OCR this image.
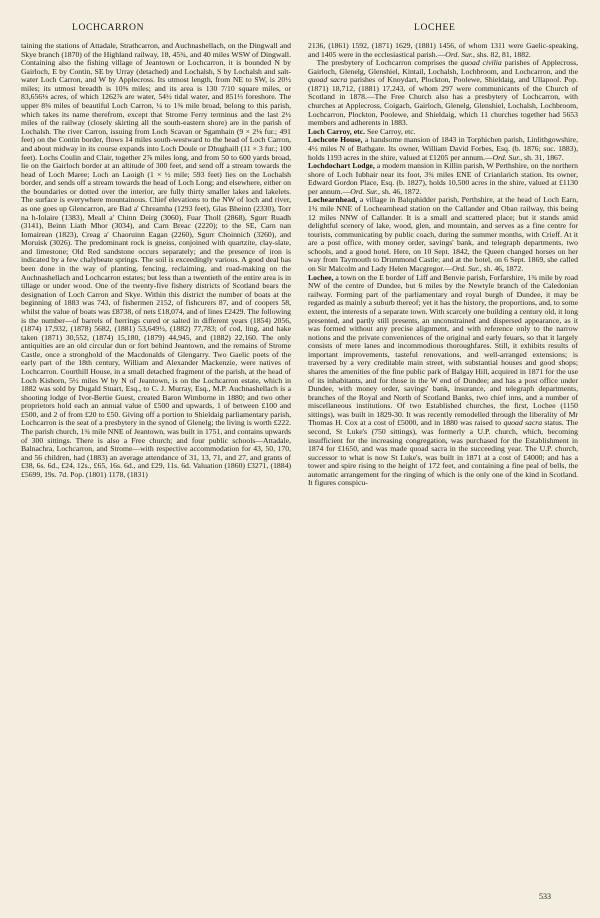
LOCHCARRON	LOCHEE

taining the stations of Attadale, Strathcarron, and Auchnashellach, on the Dingwall and Skye branch (1870) of the Highland railway, 18, 45¾, and 40 miles WSW of Dingwall. Containing also the fishing village of Jeantown or Lochcarron, it is bounded N by Gairloch, E by Contin, SE by Urray (detached) and Lochalsh, S by Lochalsh and salt-water Loch Carron, and W by Applecross. Its utmost length, from NE to SW, is 20½ miles; its utmost breadth is 10⅜ miles; and its area is 130 7/10 square miles, or 83,656⅛ acres, of which 1262⅞ are water, 54½ tidal water, and 851⅓ foreshore. The upper 8⅜ miles of beautiful Loch Carron, ¼ to 1⅜ mile broad, belong to this parish, which takes its name therefrom, except that Strome Ferry terminus and the last 2½ miles of the railway (closely skirting all the south-eastern shore) are in the parish of Lochalsh. The river Carron, issuing from Loch Scavan or Sgamhain (9 × 2⅛ fur.; 491 feet) on the Contin border, flows 14 miles south-westward to the head of Loch Carron, and about midway in its course expands into Loch Doule or Dhughaill (11 × 3 fur.; 100 feet). Lochs Coulin and Clair, together 2⅞ miles long, and from 50 to 600 yards broad, lie on the Gairloch border at an altitude of 300 feet, and send off a stream towards the head of Loch Maree; Loch an Laoigh (1 × ½ mile; 593 feet) lies on the Lochalsh border, and sends off a stream towards the head of Loch Long; and elsewhere, either on the boundaries or dotted over the interior, are fully thirty smaller lakes and lakelets. The surface is everywhere mountainous. Chief elevations to the NW of loch and river, as one goes up Glencarron, are Bad a' Chreamha (1293 feet), Glas Bheinn (2330), Torr na h-Iolaire (1383), Meall a' Chinn Deirg (3060), Fuar Tholl (2868), Sgurr Ruadh (3141), Beinn Liath Mhor (3034), and Carn Breac (2220); to the SE, Carn nan Iomairean (1823), Creag a' Chaoruinn Eagan (2260), Sgurr Choinnich (3260), and Moruisk (3026). The predominant rock is gneiss, conjoined with quartzite, clay-slate, and limestone; Old Red sandstone occurs separately; and the presence of iron is indicated by a few chalybeate springs. The soil is exceedingly various. A good deal has been done in the way of planting, fencing, reclaiming, and road-making on the Auchnashellach and Lochcarron estates; but less than a twentieth of the entire area is in tillage or under wood. One of the twenty-five fishery districts of Scotland bears the designation of Loch Carron and Skye. Within this district the number of boats at the beginning of 1883 was 743, of fishermen 2152, of fishcurers 87, and of coopers 58, whilst the value of boats was £8738, of nets £18,074, and of lines £2429. The following is the number—of barrels of herrings cured or salted in different years (1854) 2056, (1874) 17,932, (1878) 5682, (1881) 53,649½, (1882) 77,783; of cod, ling, and hake taken (1871) 30,552, (1874) 15,180, (1879) 44,945, and (1882) 22,160. The only antiquities are an old circular dun or fort behind Jeantown, and the remains of Strome Castle, once a stronghold of the Macdonalds of Glengarry. Two Gaelic poets of the early part of the 18th century, William and Alexander Mackenzie, were natives of Lochcarron. Courthill House, in a small detached fragment of the parish, at the head of Loch Kishorn, 5½ miles W by N of Jeantown, is on the Lochcarron estate, which in 1882 was sold by Dugald Stuart, Esq., to C. J. Murray, Esq., M.P. Auchnashellach is a shooting lodge of Ivor-Bertie Guest, created Baron Wimborne in 1880; and two other proprietors hold each an annual value of £500 and upwards, 1 of between £100 and £500, and 2 of from £20 to £50. Giving off a portion to Shieldaig parliamentary parish, Lochcarron is the seat of a presbytery in the synod of Glenelg; the living is worth £222. The parish church, 1¾ mile NNE of Jeantown, was built in 1751, and contains upwards of 300 sittings. There is also a Free church; and four public schools—Attadale, Balnachra, Lochcarron, and Strome—with respective accommodation for 43, 50, 170, and 56 children, had (1883) an average attendance of 31, 13, 71, and 27, and grants of £38, 6s. 6d., £24, 12s., £65, 16s. 6d., and £29, 11s. 6d. Valuation (1860) £3271, (1884) £5699, 19s. 7d. Pop. (1801) 1178, (1831)

2136, (1861) 1592, (1871) 1629, (1881) 1456, of whom 1311 were Gaelic-speaking, and 1405 were in the ecclesiastical parish.—Ord. Sur., shs. 82, 81, 1882.

The presbytery of Lochcarron comprises the quoad civilia parishes of Applecross, Gairloch, Glenelg, Glenshiel, Kintail, Lochalsh, Lochbroom, and Lochcarron, and the quoad sacra parishes of Knoydart, Plockton, Poolewe, Shieldaig, and Ullapool. Pop. (1871) 18,712, (1881) 17,243, of whom 297 were communicants of the Church of Scotland in 1878.—The Free Church also has a presbytery of Lochcarron, with churches at Applecross, Coigach, Gairloch, Glenelg, Glenshiel, Lochalsh, Lochbroom, Lochcarron, Plockton, Poolewe, and Shieldaig, which 11 churches together had 5653 members and adherents in 1883.

Loch Carroy, etc. See Carroy, etc.

Lochcote House, a handsome mansion of 1843 in Torphichen parish, Linlithgowshire, 4½ miles N of Bathgate. Its owner, William David Forbes, Esq. (b. 1876; suc. 1883), holds 1193 acres in the shire, valued at £1205 per annum.—Ord. Sur., sh. 31, 1867.

Lochdochart Lodge, a modern mansion in Killin parish, W Perthshire, on the northern shore of Loch Iubhair near its foot, 3¾ miles ENE of Crianlarich station. Its owner, Edward Gordon Place, Esq. (b. 1827), holds 10,500 acres in the shire, valued at £1130 per annum.—Ord. Sur., sh. 46, 1872.

Lochearnhead, a village in Balquhidder parish, Perthshire, at the head of Loch Earn, 1¾ mile NNE of Lochearnhead station on the Callander and Oban railway, this being 12 miles NNW of Callander. It is a small and scattered place; but it stands amid delightful scenery of lake, wood, glen, and mountain, and serves as a fine centre for tourists, communicating by public coach, during the summer months, with Crieff. At it are a post office, with money order, savings' bank, and telegraph departments, two schools, and a good hotel. Here, on 10 Sept. 1842, the Queen changed horses on her way from Taymouth to Drummond Castle; and at the hotel, on 6 Sept. 1869, she called on Sir Malcolm and Lady Helen Macgregor.—Ord. Sur., sh. 46, 1872.

Lochee, a town on the E border of Liff and Benvie parish, Forfarshire, 1¾ mile by road NW of the centre of Dundee, but 6 miles by the Newtyle branch of the Caledonian railway. Forming part of the parliamentary and royal burgh of Dundee, it may be regarded as mainly a suburb thereof; yet it has the history, the proportions, and, to some extent, the interests of a separate town. With scarcely one building a century old, it long presented, and partly still presents, an unconstrained and dispersed appearance, as it was formed without any precise alignment, and with reference only to the narrow notions and the private conveniences of the original and early feuars, so that it largely consists of mere lanes and incommodious thoroughfares. Still, it exhibits results of important improvements, tasteful renovations, and well-arranged extensions; is traversed by a very creditable main street, with substantial houses and good shops; shares the amenities of the fine public park of Balgay Hill, acquired in 1871 for the use of its inhabitants, and for those in the W end of Dundee; and has a post office under Dundee, with money order, savings' bank, insurance, and telegraph departments, branches of the Royal and North of Scotland Banks, two chief inns, and a number of miscellaneous institutions. Of two Established churches, the first, Lochee (1150 sittings), was built in 1829-30. It was recently remodelled through the liberality of Mr Thomas H. Cox at a cost of £5000, and in 1880 was raised to quoad sacra status. The second, St Luke's (750 sittings), was formerly a U.P. church, which, becoming insufficient for the increasing congregation, was purchased for the Establishment in 1874 for £1650, and was made quoad sacra in the succeeding year. The U.P. church, successor to what is now St Luke's, was built in 1871 at a cost of £4000; and has a tower and spire rising to the height of 172 feet, and containing a fine peal of bells, the automatic arrangement for the ringing of which is the only one of the kind in Scotland. It figures conspicu-

533
